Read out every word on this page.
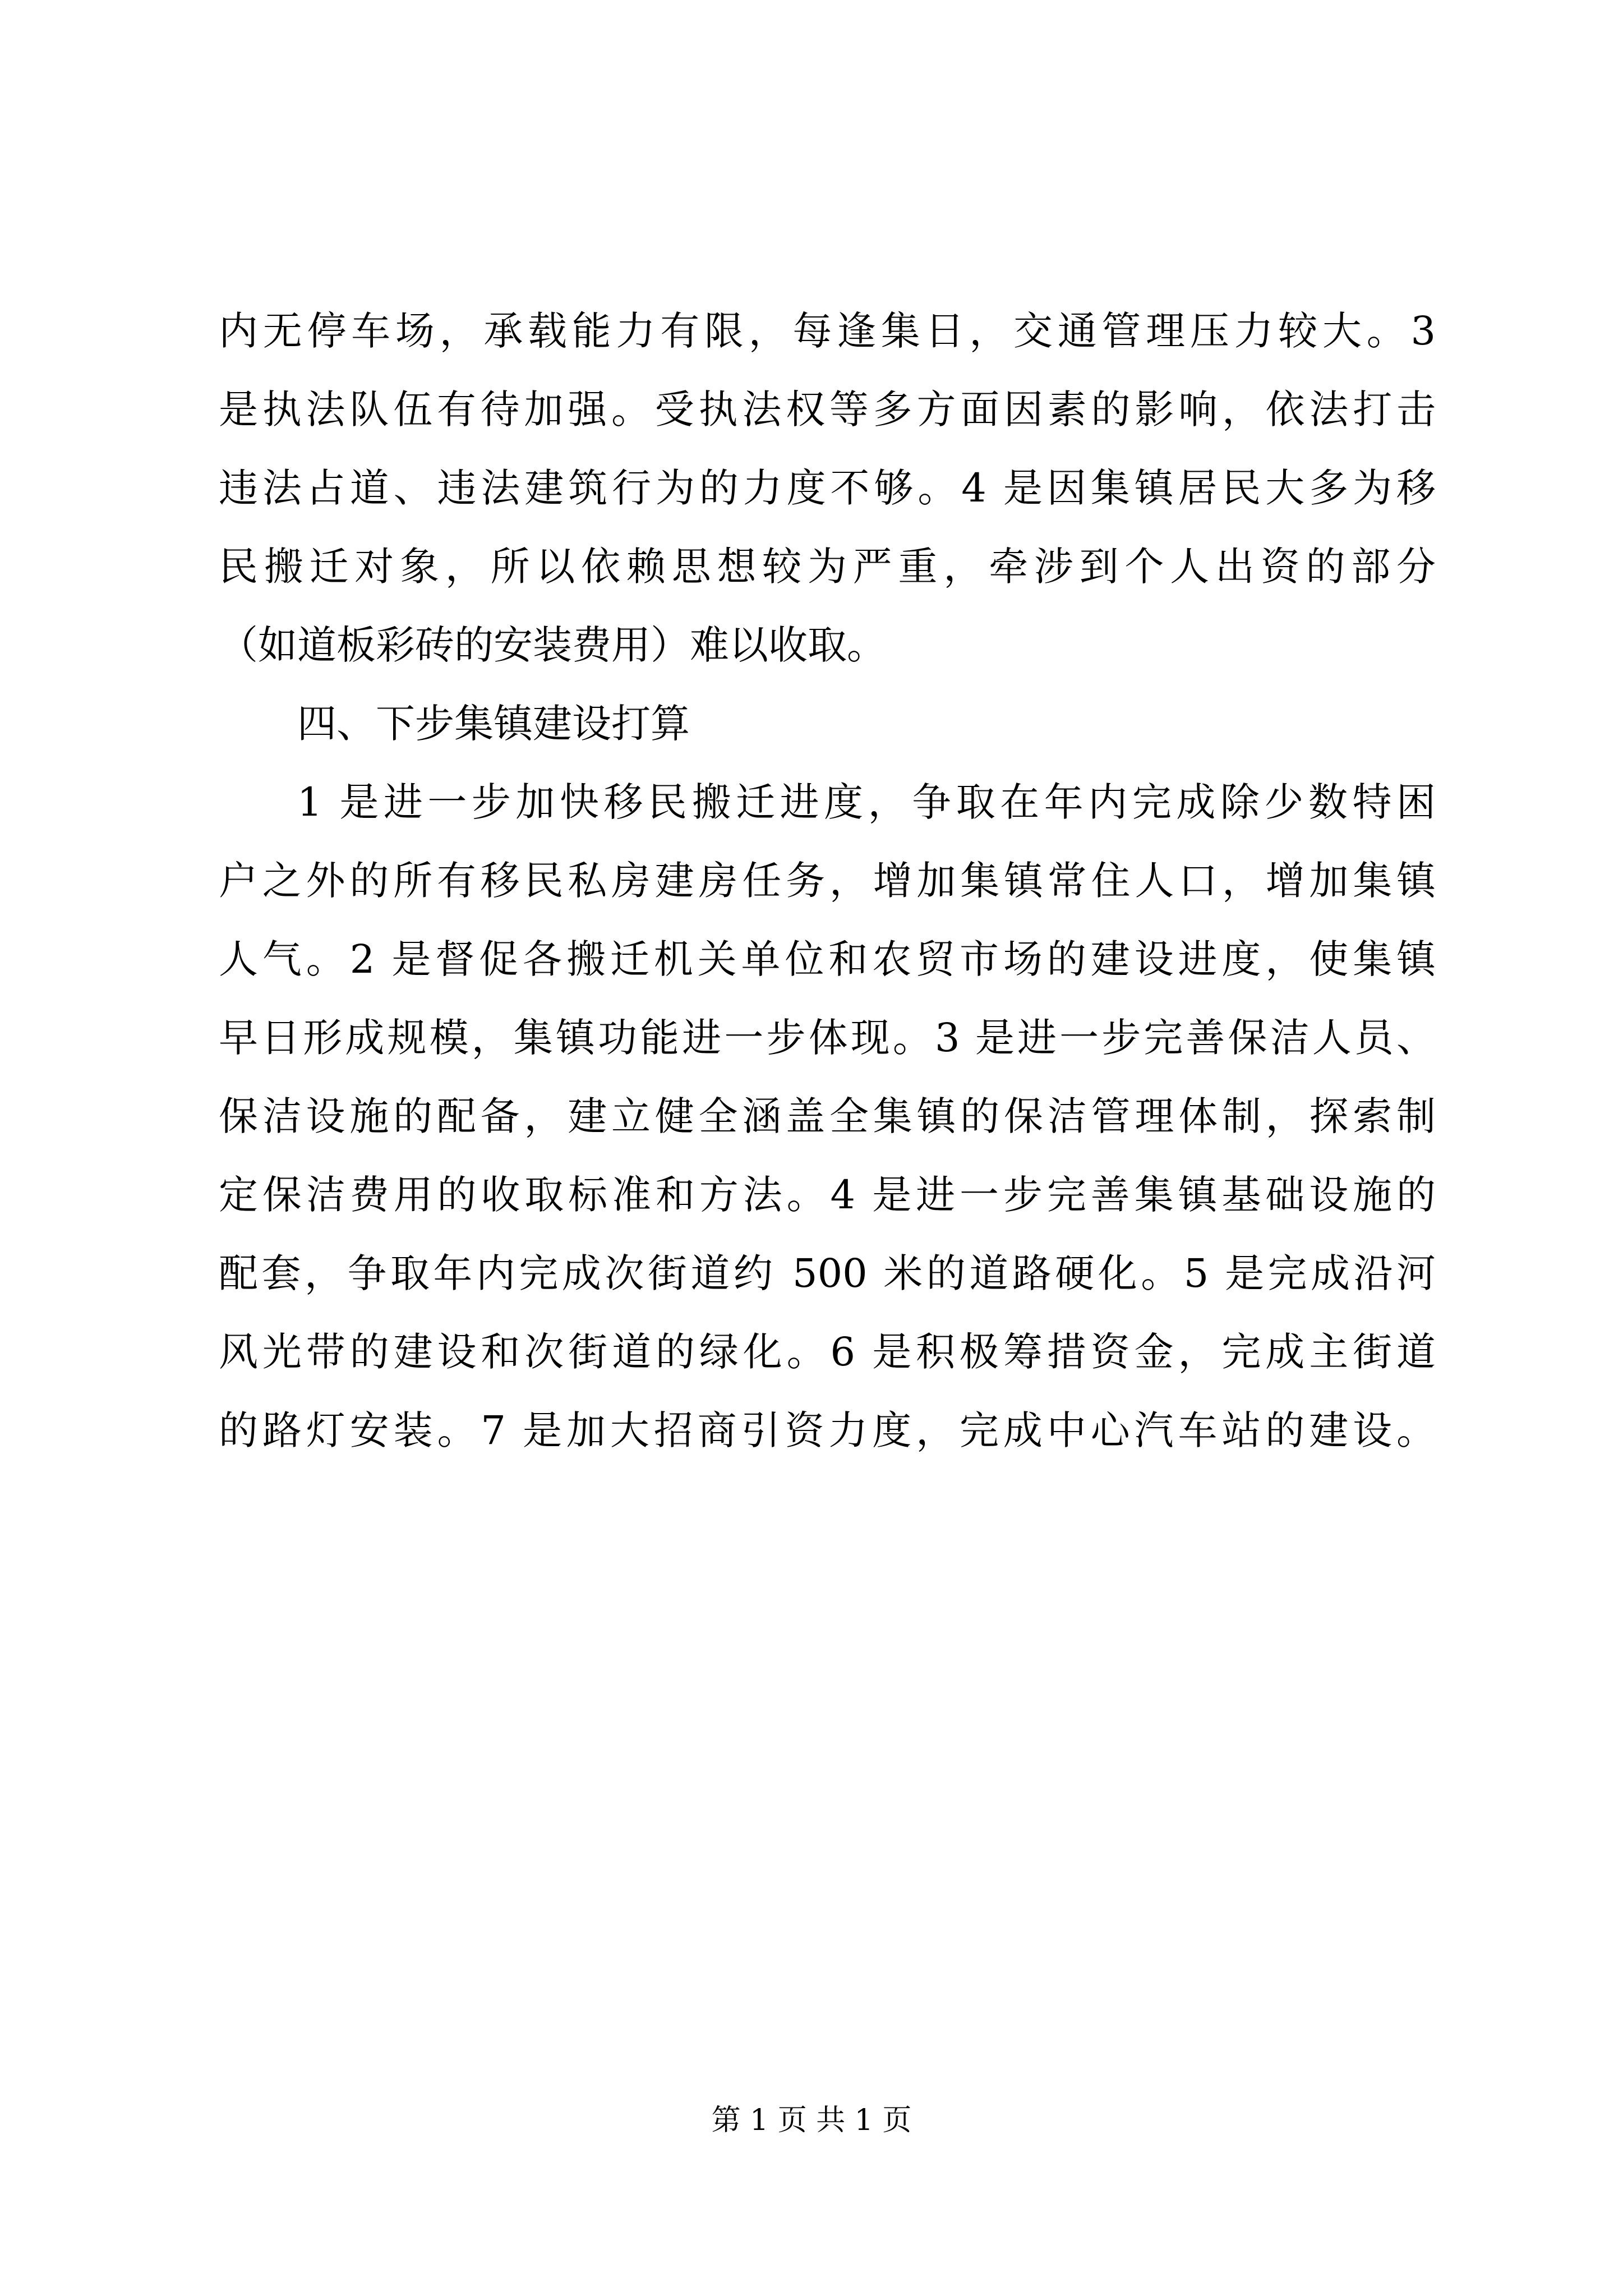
内无停车场，承载能力有限，每逢集日，交通管理压力较大。3
是执法队伍有待加强。受执法权等多方面因素的影响，依法打击
违法占道、违法建筑行为的力度不够。4 是因集镇居民大多为移
民搬迁对象，所以依赖思想较为严重，牵涉到个人出资的部分
（如道板彩砖的安装费用）难以收取。
四、下步集镇建设打算
1 是进一步加快移民搬迁进度，争取在年内完成除少数特困
户之外的所有移民私房建房任务，增加集镇常住人口，增加集镇
人气。2 是督促各搬迁机关单位和农贸市场的建设进度，使集镇
早日形成规模，集镇功能进一步体现。3 是进一步完善保洁人员、
保洁设施的配备，建立健全涵盖全集镇的保洁管理体制，探索制
定保洁费用的收取标准和方法。4 是进一步完善集镇基础设施的
配套，争取年内完成次街道约 500 米的道路硬化。5 是完成沿河
风光带的建设和次街道的绿化。6 是积极筹措资金，完成主街道
的路灯安装。7 是加大招商引资力度，完成中心汽车站的建设。
第 1 页 共 1 页
